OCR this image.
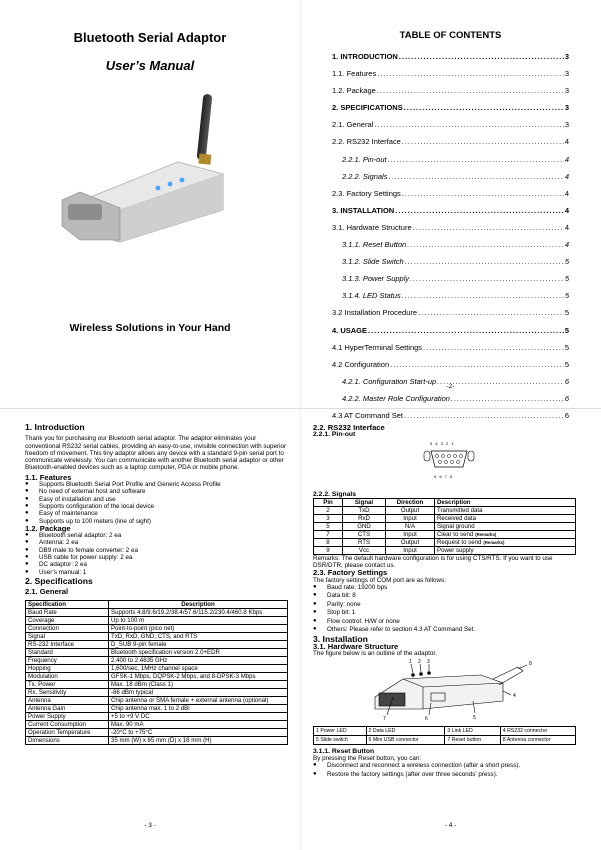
Bluetooth Serial Adaptor
User’s Manual
Wireless Solutions in Your Hand
TABLE OF CONTENTS
1. INTRODUCTION .....	3
1.1. Features .....	3
1.2. Package .....	3
2. SPECIFICATIONS .....	3
2.1. General .....	3
2.2. RS232 Interface .....	4
2.2.1. Pin-out .....	4
2.2.2. Signals .....	4
2.3. Factory Settings .....	4
3. INSTALLATION .....	4
3.1. Hardware Structure .....	4
3.1.1. Reset Button .....	4
3.1.2. Slide Switch .....	5
3.1.3. Power Supply .....	5
3.1.4. LED Status .....	5
3.2 Installation Procedure .....	5
4. USAGE .....	5
4.1 HyperTerminal Settings .....	5
4.2 Configuration .....	5
4.2.1. Configuration Start-up .....	6
4.2.2. Master Role Configuration .....	6
4.3 AT Command Set .....	6
-2-
1. Introduction
Thank you for purchasing our Bluetooth serial adaptor. The adaptor eliminates your conventional RS232 serial cables, providing an easy-to-use, invisible connection with superior freedom of movement. This tiny adaptor allows any device with a standard 9-pin serial port to communicate wirelessly. You can communicate with another Bluetooth serial adaptor or other Bluetooth-enabled devices such as a laptop computer, PDA or mobile phone.
1.1. Features
●	Supports Bluetooth Serial Port Profile and Generic Access Profile
●	No need of external host and software
●	Easy of installation and use
●	Supports configuration of the local device
●	Easy of maintenance
●	Supports up to 100 meters (line of sight)
1.2. Package
●	Bluetooth serial adaptor: 2 ea
●	Antenna: 2 ea
●	DB9 male to female converter: 2 ea
●	USB cable for power supply: 2 ea
●	DC adaptor: 2 ea
●	User’s manual: 1
2. Specifications
2.1. General
Specification	Description
Baud Rate	Supports 4.8/9.6/19.2/38.4/57.6/115.2/230.4/460.8 Kbps
Coverage	Up to 100 m
Connection	Point-to-point (pico net)
Signal	TxD, RxD, GND, CTS, and RTS
RS-232 Interface	D_SUB 9-pin female
Standard	Bluetooth specification version 2.0+EDR
Frequency	2.400 to 2.4835 GHz
Hopping	1,600/sec, 1MHz channel space
Modulation	GFSK-1 Mbps, DQPSK-2 Mbps, and 8-DPSK-3 Mbps
Tx. Power	Max. 18 dBm (Class 1)
Rx. Sensitivity	-86 dBm typical
Antenna	Chip antenna or SMA female + external antenna (optional)
Antenna Gain	Chip antenna max. 1 to 2 dBi
Power Supply	+5 to +9 V DC
Current Consumption	Max. 90 mA
Operation Temperature	-20°C to +75°C
Dimensions	35 mm (W) x 65 mm (D) x 16 mm (H)
- 3 -
2.2. RS232 Interface
2.2.1. Pin-out
5 4 3 2 1
9 8 7 6
2.2.2. Signals
Pin	Signal	Direction	Description
2	TxD	Output	Transmitted data
3	RxD	Input	Received data
5	GND	N/A	Signal ground
7	CTS	Input	Clear to send (Remarks)
8	RTS	Output	Request to send (Remarks)
9	Vcc	Input	Power supply
Remarks: The default hardware configuration is for using CTS/RTS. If you want to use DSR/DTR, please contact us.
2.3. Factory Settings
The factory settings of COM port are as follows:
●	Baud rate: 19200 bps
●	Data bit: 8
●	Parity: none
●	Stop bit: 1
●	Flow control: H/W or none
●	Others: Please refer to section 4.3 AT Command Set.
3. Installation
3.1. Hardware Structure
The figure below is an outline of the adaptor.
1 2 3
4
5
6
7
8
1 Power LED	2 Data LED	3 Link LED	4 RS232 connector
5 Slide switch	6 Mini USB connector	7 Reset button	8 Antenna connector
3.1.1. Reset Button
By pressing the Reset button, you can:
●	Disconnect and reconnect a wireless connection (after a short press).
●	Restore the factory settings (after over three seconds’ press).
- 4 -
